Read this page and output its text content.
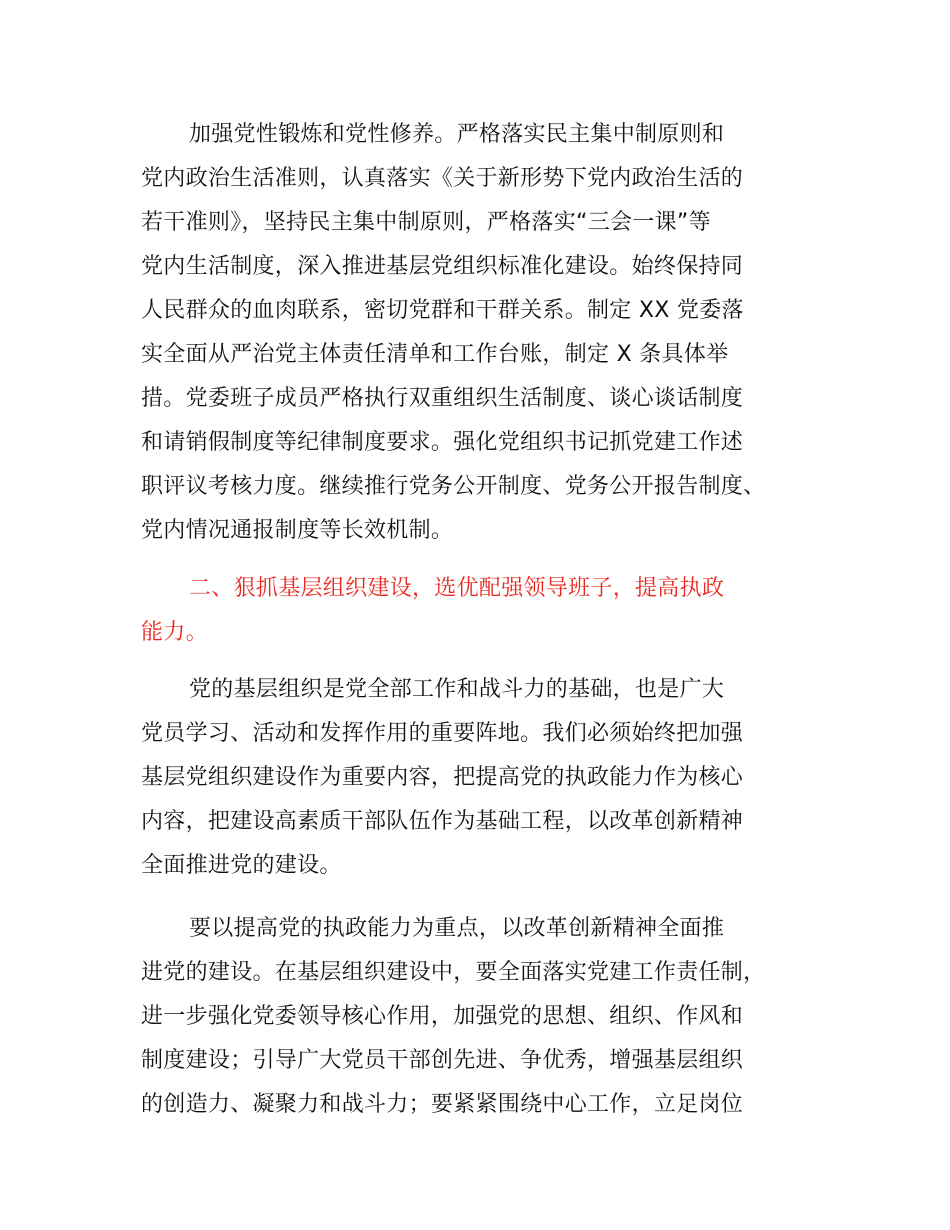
加强党性锻炼和党性修养。严格落实民主集中制原则和
党内政治生活准则，认真落实《关于新形势下党内政治生活的
若干准则》，坚持民主集中制原则，严格落实“三会一课”等
党内生活制度，深入推进基层党组织标准化建设。始终保持同
人民群众的血肉联系，密切党群和干群关系。制定 XX 党委落
实全面从严治党主体责任清单和工作台账，制定 X 条具体举
措。党委班子成员严格执行双重组织生活制度、谈心谈话制度
和请销假制度等纪律制度要求。强化党组织书记抓党建工作述
职评议考核力度。继续推行党务公开制度、党务公开报告制度、
党内情况通报制度等长效机制。
二、狠抓基层组织建设，选优配强领导班子，提高执政
能力。
党的基层组织是党全部工作和战斗力的基础，也是广大
党员学习、活动和发挥作用的重要阵地。我们必须始终把加强
基层党组织建设作为重要内容，把提高党的执政能力作为核心
内容，把建设高素质干部队伍作为基础工程，以改革创新精神
全面推进党的建设。
要以提高党的执政能力为重点，以改革创新精神全面推
进党的建设。在基层组织建设中，要全面落实党建工作责任制，
进一步强化党委领导核心作用，加强党的思想、组织、作风和
制度建设；引导广大党员干部创先进、争优秀，增强基层组织
的创造力、凝聚力和战斗力；要紧紧围绕中心工作，立足岗位
